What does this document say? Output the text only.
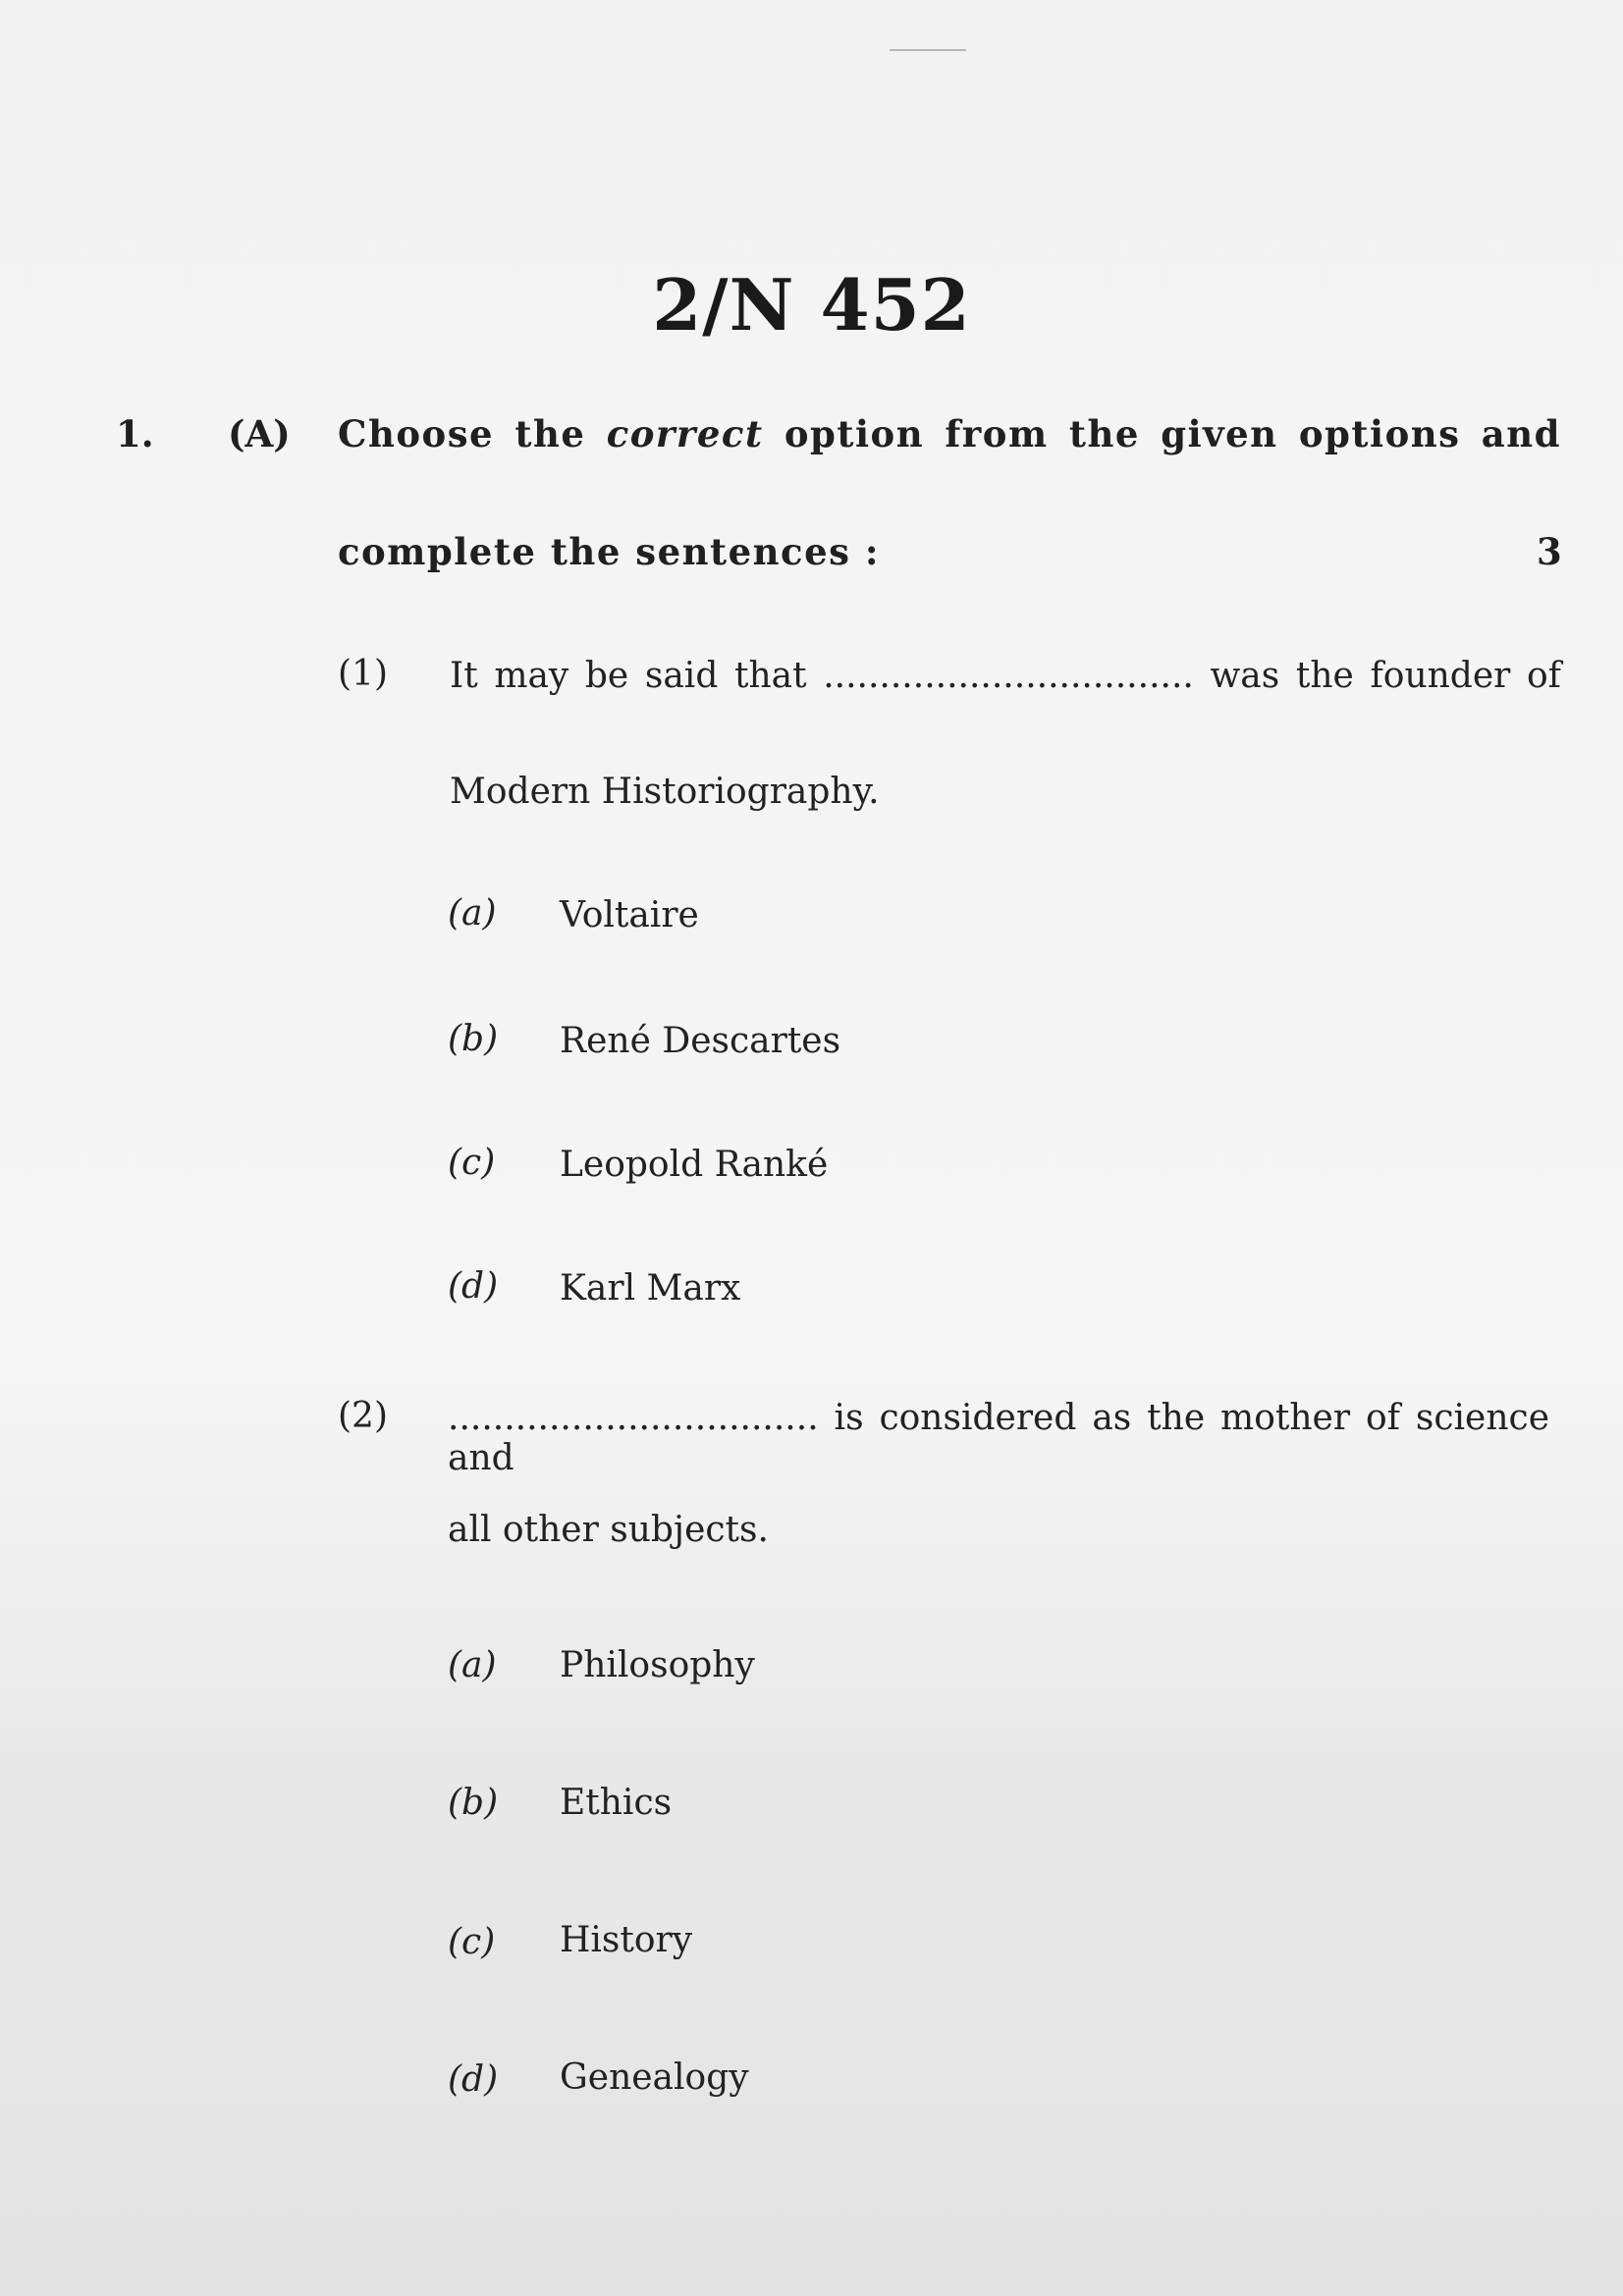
2/N 452
1. (A) Choose the correct option from the given options and
complete the sentences :	3
(1) It may be said that ................................. was the founder of
Modern Historiography.
(a) Voltaire
(b) René Descartes
(c) Leopold Ranké
(d) Karl Marx
(2) ................................. is considered as the mother of science and
all other subjects.
(a) Philosophy
(b) Ethics
(c) History
(d) Genealogy
